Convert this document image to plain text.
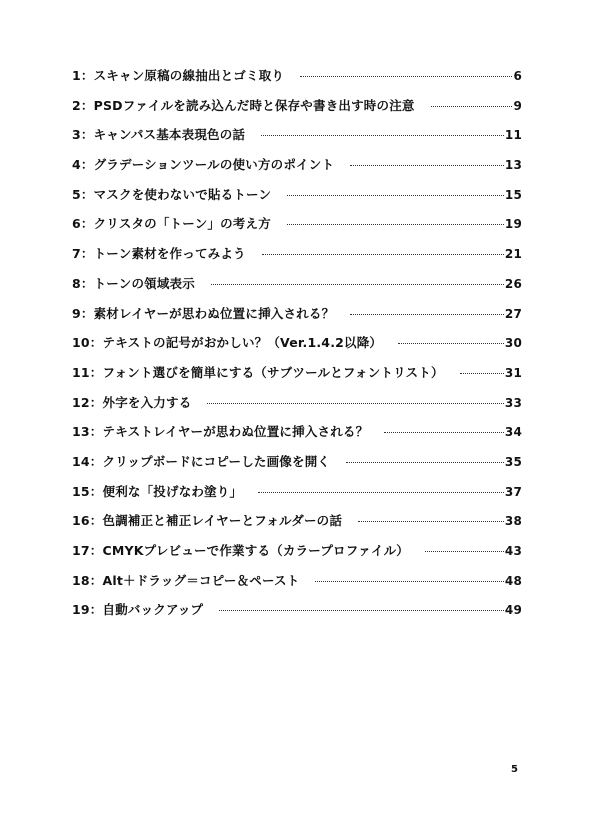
1：スキャン原稿の線抽出とゴミ取り	6
2：PSDファイルを読み込んだ時と保存や書き出す時の注意	9
3：キャンパス基本表現色の話	11
4：グラデーションツールの使い方のポイント	13
5：マスクを使わないで貼るトーン	15
6：クリスタの「トーン」の考え方	19
7：トーン素材を作ってみよう	21
8：トーンの領域表示	26
9：素材レイヤーが思わぬ位置に挿入される？	27
10：テキストの記号がおかしい？（Ver.1.4.2以降）	30
11：フォント選びを簡単にする（サブツールとフォントリスト）	31
12：外字を入力する	33
13：テキストレイヤーが思わぬ位置に挿入される？	34
14：クリップボードにコピーした画像を開く	35
15：便利な「投げなわ塗り」	37
16：色調補正と補正レイヤーとフォルダーの話	38
17：CMYKプレビューで作業する（カラープロファイル）	43
18：Alt＋ドラッグ＝コピー＆ペースト	48
19：自動バックアップ	49
5
